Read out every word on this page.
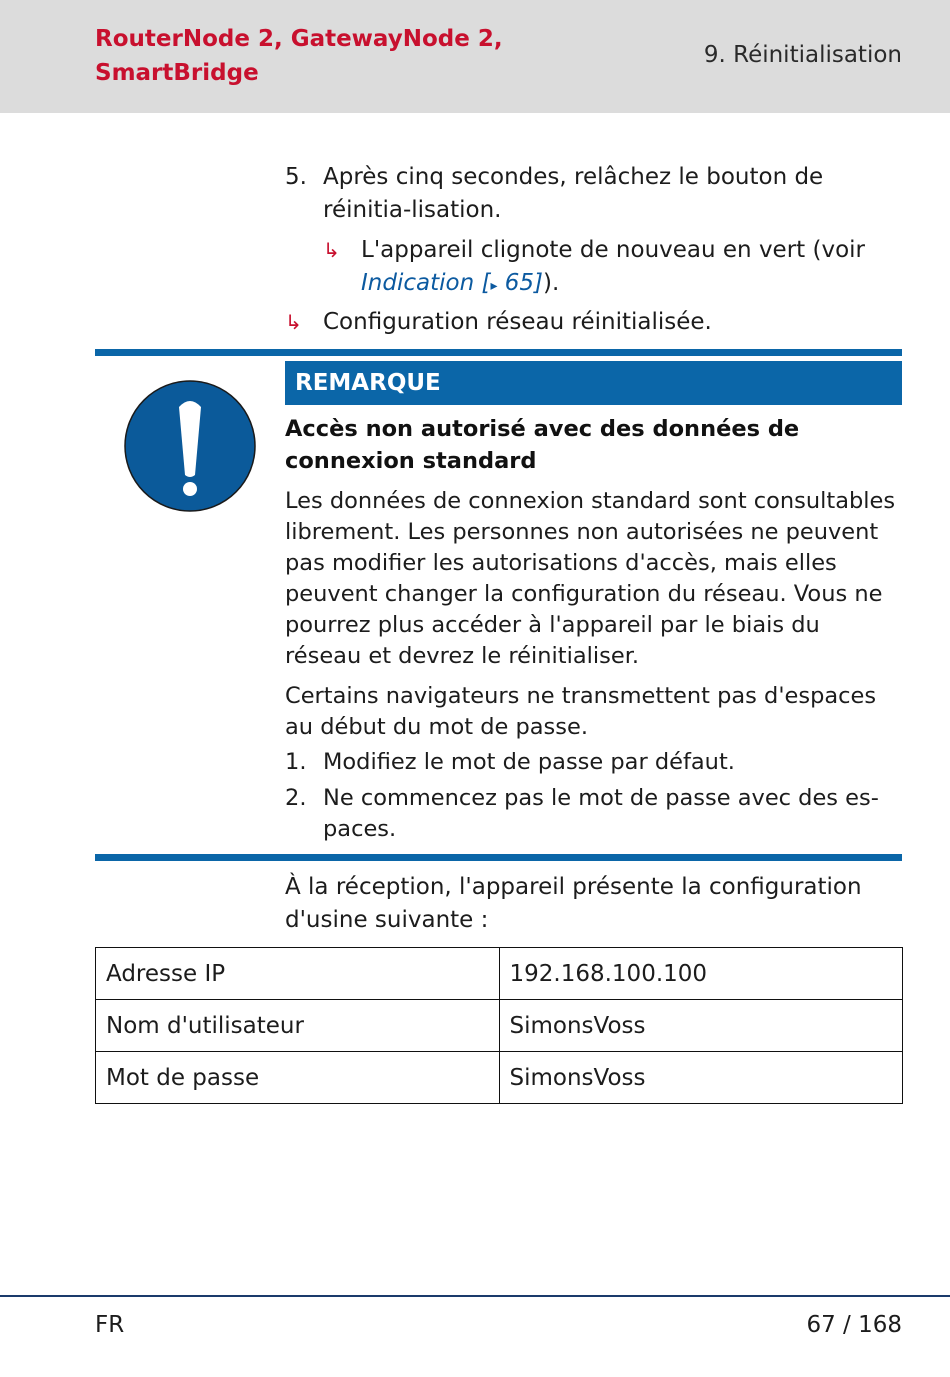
RouterNode 2, GatewayNode 2, SmartBridge
9. Réinitialisation
5. Après cinq secondes, relâchez le bouton de réinitia-lisation.
↳ L'appareil clignote de nouveau en vert (voir Indication [▸ 65]).
↳ Configuration réseau réinitialisée.
REMARQUE
Accès non autorisé avec des données de connexion standard
Les données de connexion standard sont consultables librement. Les personnes non autorisées ne peuvent pas modifier les autorisations d'accès, mais elles peuvent changer la configuration du réseau. Vous ne pourrez plus accéder à l'appareil par le biais du réseau et devrez le réinitialiser.
Certains navigateurs ne transmettent pas d'espaces au début du mot de passe.
1. Modifiez le mot de passe par défaut.
2. Ne commencez pas le mot de passe avec des es-paces.
À la réception, l'appareil présente la configuration d'usine suivante :
Adresse IP	192.168.100.100
Nom d'utilisateur	SimonsVoss
Mot de passe	SimonsVoss
FR	67 / 168
